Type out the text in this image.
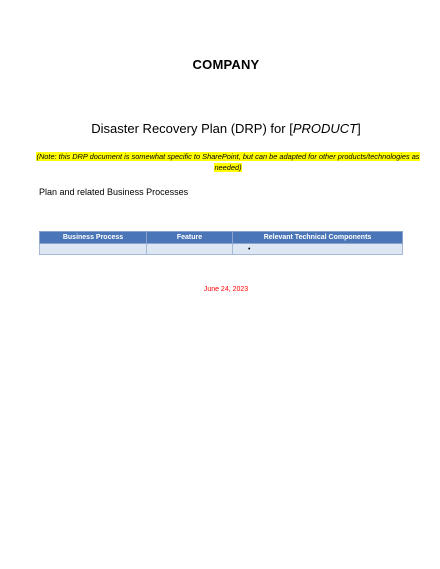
COMPANY
Disaster Recovery Plan (DRP) for [PRODUCT]
(Note: this DRP document is somewhat specific to SharePoint, but can be adapted for other products/technologies as needed)
Plan and related Business Processes
Business Process	Feature	Relevant Technical Components
		•
June 24, 2023
